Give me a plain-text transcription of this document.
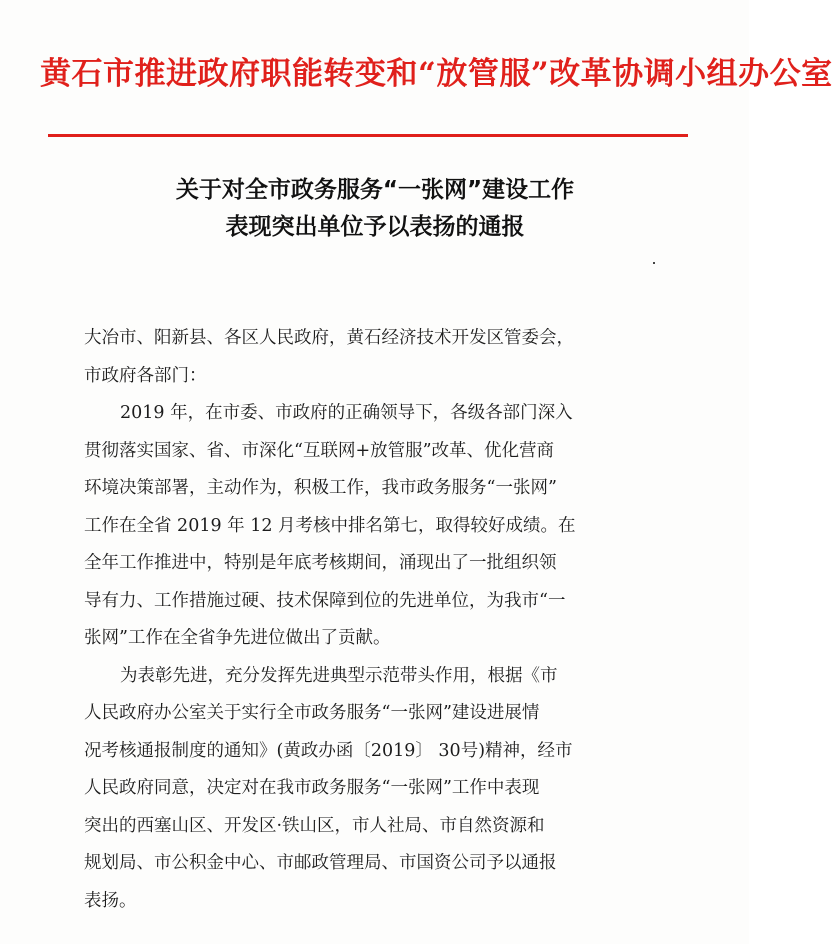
黄石市推进政府职能转变和“放管服”改革协调小组办公室
关于对全市政务服务“一张网”建设工作
表现突出单位予以表扬的通报
大冶市、阳新县、各区人民政府，黄石经济技术开发区管委会，
市政府各部门：
2019 年，在市委、市政府的正确领导下，各级各部门深入
贯彻落实国家、省、市深化“互联网+放管服”改革、优化营商
环境决策部署，主动作为，积极工作，我市政务服务“一张网”
工作在全省 2019 年 12 月考核中排名第七，取得较好成绩。在
全年工作推进中，特别是年底考核期间，涌现出了一批组织领
导有力、工作措施过硬、技术保障到位的先进单位，为我市“一
张网”工作在全省争先进位做出了贡献。
为表彰先进，充分发挥先进典型示范带头作用，根据《市
人民政府办公室关于实行全市政务服务“一张网”建设进展情
况考核通报制度的通知》(黄政办函〔2019〕 30号)精神，经市
人民政府同意，决定对在我市政务服务“一张网”工作中表现
突出的西塞山区、开发区·铁山区，市人社局、市自然资源和
规划局、市公积金中心、市邮政管理局、市国资公司予以通报
表扬。
